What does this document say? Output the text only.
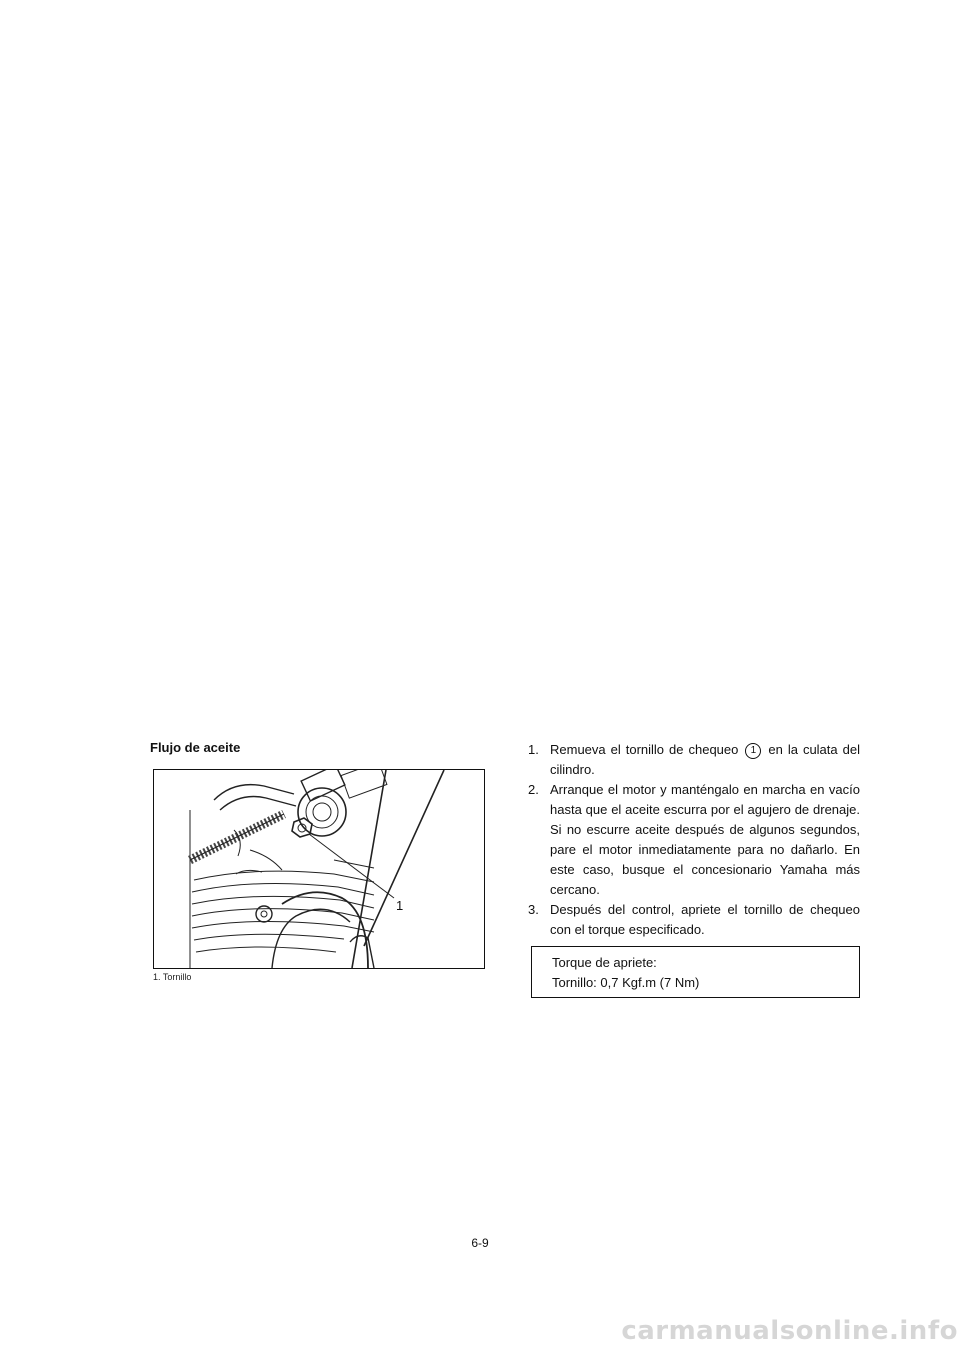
Flujo de aceite
1
1. Tornillo
1. Remueva el tornillo de chequeo 1 en la culata del cilindro.
2. Arranque el motor y manténgalo en marcha en vacío hasta que el aceite escurra por el agujero de drenaje. Si no escurre aceite después de algunos segundos, pare el motor inmediatamente para no dañarlo. En este caso, busque el concesionario Yamaha más cercano.
3. Después del control, apriete el tornillo de chequeo con el torque especificado.
Torque de apriete:
Tornillo: 0,7 Kgf.m (7 Nm)
6-9
carmanualsonline.info
